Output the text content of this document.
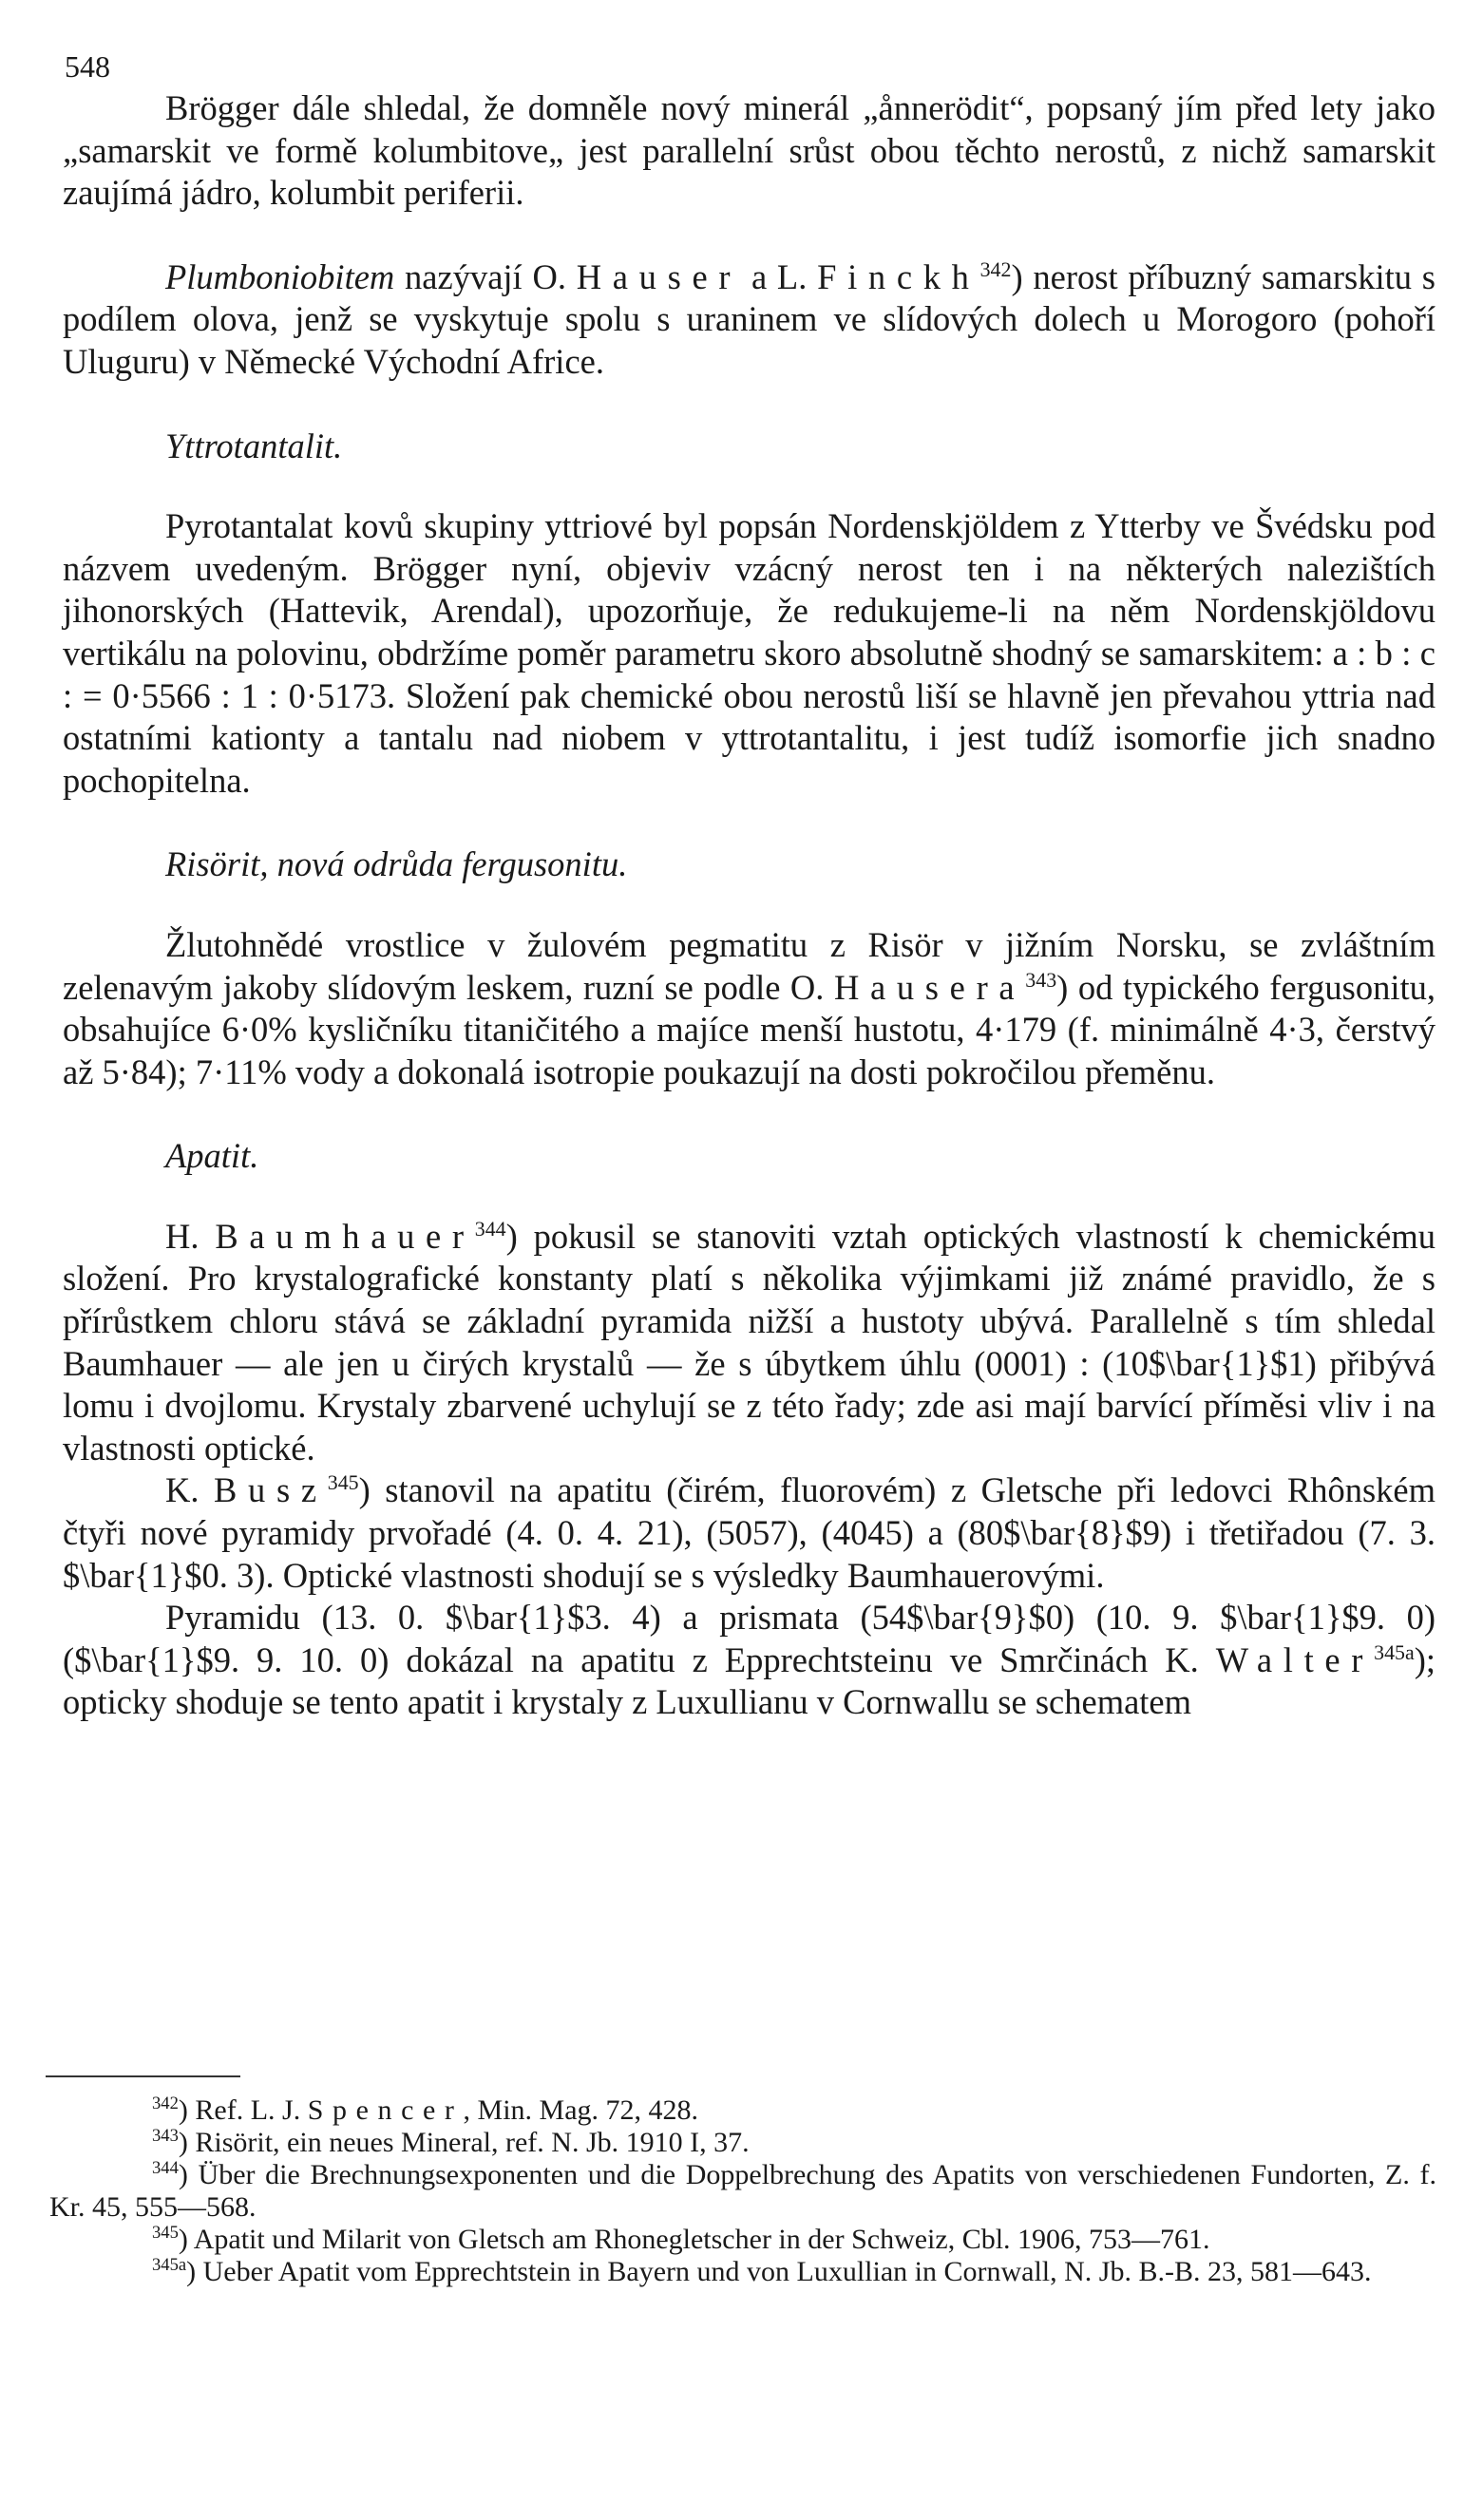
548

Brögger dále shledal, že domněle nový minerál „ånnerödit“, popsaný jím před lety jako „samarskit ve formě kolumbitove„ jest parallelní srůst obou těchto nerostů, z nichž samarskit zaujímá jádro, kolumbit periferii.

Plumboniobitem nazývají O. Hauser a L. Finckh$^{342}$) nerost příbuzný samarskitu s podílem olova, jenž se vyskytuje spolu s uraninem ve slídových dolech u Morogoro (pohoří Uluguru) v Německé Východní Africe.

Yttrotantalit.

Pyrotantalat kovů skupiny yttriové byl popsán Nordenskjöldem z Ytterby ve Švédsku pod názvem uvedeným. Brögger nyní, objeviv vzácný nerost ten i na některých nalezištích jihonorských (Hattevik, Arendal), upozorňuje, že redukujeme-li na něm Nordenskjöldovu vertikálu na polovinu, obdržíme poměr parametru skoro absolutně shodný se samarskitem: a : b : c : = 0·5566 : 1 : 0·5173. Složení pak chemické obou nerostů liší se hlavně jen převahou yttria nad ostatními kationty a tantalu nad niobem v yttrotantalitu, i jest tudíž isomorfie jich snadno pochopitelna.

Risörit, nová odrůda fergusonitu.

Žlutohnědé vrostlice v žulovém pegmatitu z Risör v jižním Norsku, se zvláštním zelenavým jakoby slídovým leskem, ruzní se podle O. Hausera$^{343}$) od typického fergusonitu, obsahujíce 6·0% kysličníku titaničitého a majíce menší hustotu, 4·179 (f. minimálně 4·3, čerstvý až 5·84); 7·11% vody a dokonalá isotropie poukazují na dosti pokročilou přeměnu.

Apatit.

H. Baumhauer$^{344}$) pokusil se stanoviti vztah optických vlastností k chemickému složení. Pro krystalografické konstanty platí s několika výjimkami již známé pravidlo, že s přírůstkem chloru stává se základní pyramida nižší a hustoty ubývá. Parallelně s tím shledal Baumhauer — ale jen u čirých krystalů — že s úbytkem úhlu (0001) : (10$\bar{1}$1) přibývá lomu i dvojlomu. Krystaly zbarvené uchylují se z této řady; zde asi mají barvící příměsi vliv i na vlastnosti optické.

K. Busz$^{345}$) stanovil na apatitu (čirém, fluorovém) z Gletsche při ledovci Rhônském čtyři nové pyramidy prvořadé (4. 0. 4. 21), (5057), (4045) a (80$\bar{8}$9) i třetiřadou (7. 3. $\bar{1}$0. 3). Optické vlastnosti shodují se s výsledky Baumhauerovými.

Pyramidu (13. 0. $\bar{1}$3. 4) a prismata (54$\bar{9}$0) (10. 9. $\bar{1}$9. 0) ($\bar{1}$9. 9. 10. 0) dokázal na apatitu z Epprechtsteinu ve Smrčinách K. Walter$^{345a}$); opticky shoduje se tento apatit i krystaly z Luxullianu v Cornwallu se schematem

$^{342}$) Ref. L. J. Spencer, Min. Mag. 72, 428.

$^{343}$) Risörit, ein neues Mineral, ref. N. Jb. 1910 I, 37.

$^{344}$) Über die Brechnungsexponenten und die Doppelbrechung des Apatits von verschiedenen Fundorten, Z. f. Kr. 45, 555—568.

$^{345}$) Apatit und Milarit von Gletsch am Rhonegletscher in der Schweiz, Cbl. 1906, 753—761.

$^{345a}$) Ueber Apatit vom Epprechtstein in Bayern und von Luxullian in Cornwall, N. Jb. B.-B. 23, 581—643.
